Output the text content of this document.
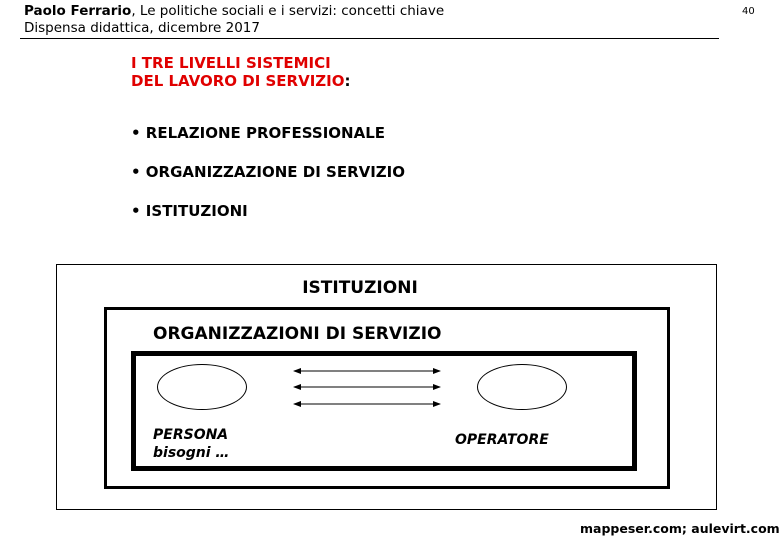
Paolo Ferrario, Le politiche sociali e i servizi: concetti chiave
Dispensa didattica, dicembre 2017
40
I TRE LIVELLI SISTEMICI
DEL LAVORO DI SERVIZIO:
• RELAZIONE PROFESSIONALE
• ORGANIZZAZIONE DI SERVIZIO
• ISTITUZIONI
ISTITUZIONI
ORGANIZZAZIONI DI SERVIZIO
PERSONA
bisogni …
OPERATORE
mappeser.com; aulevirt.com
